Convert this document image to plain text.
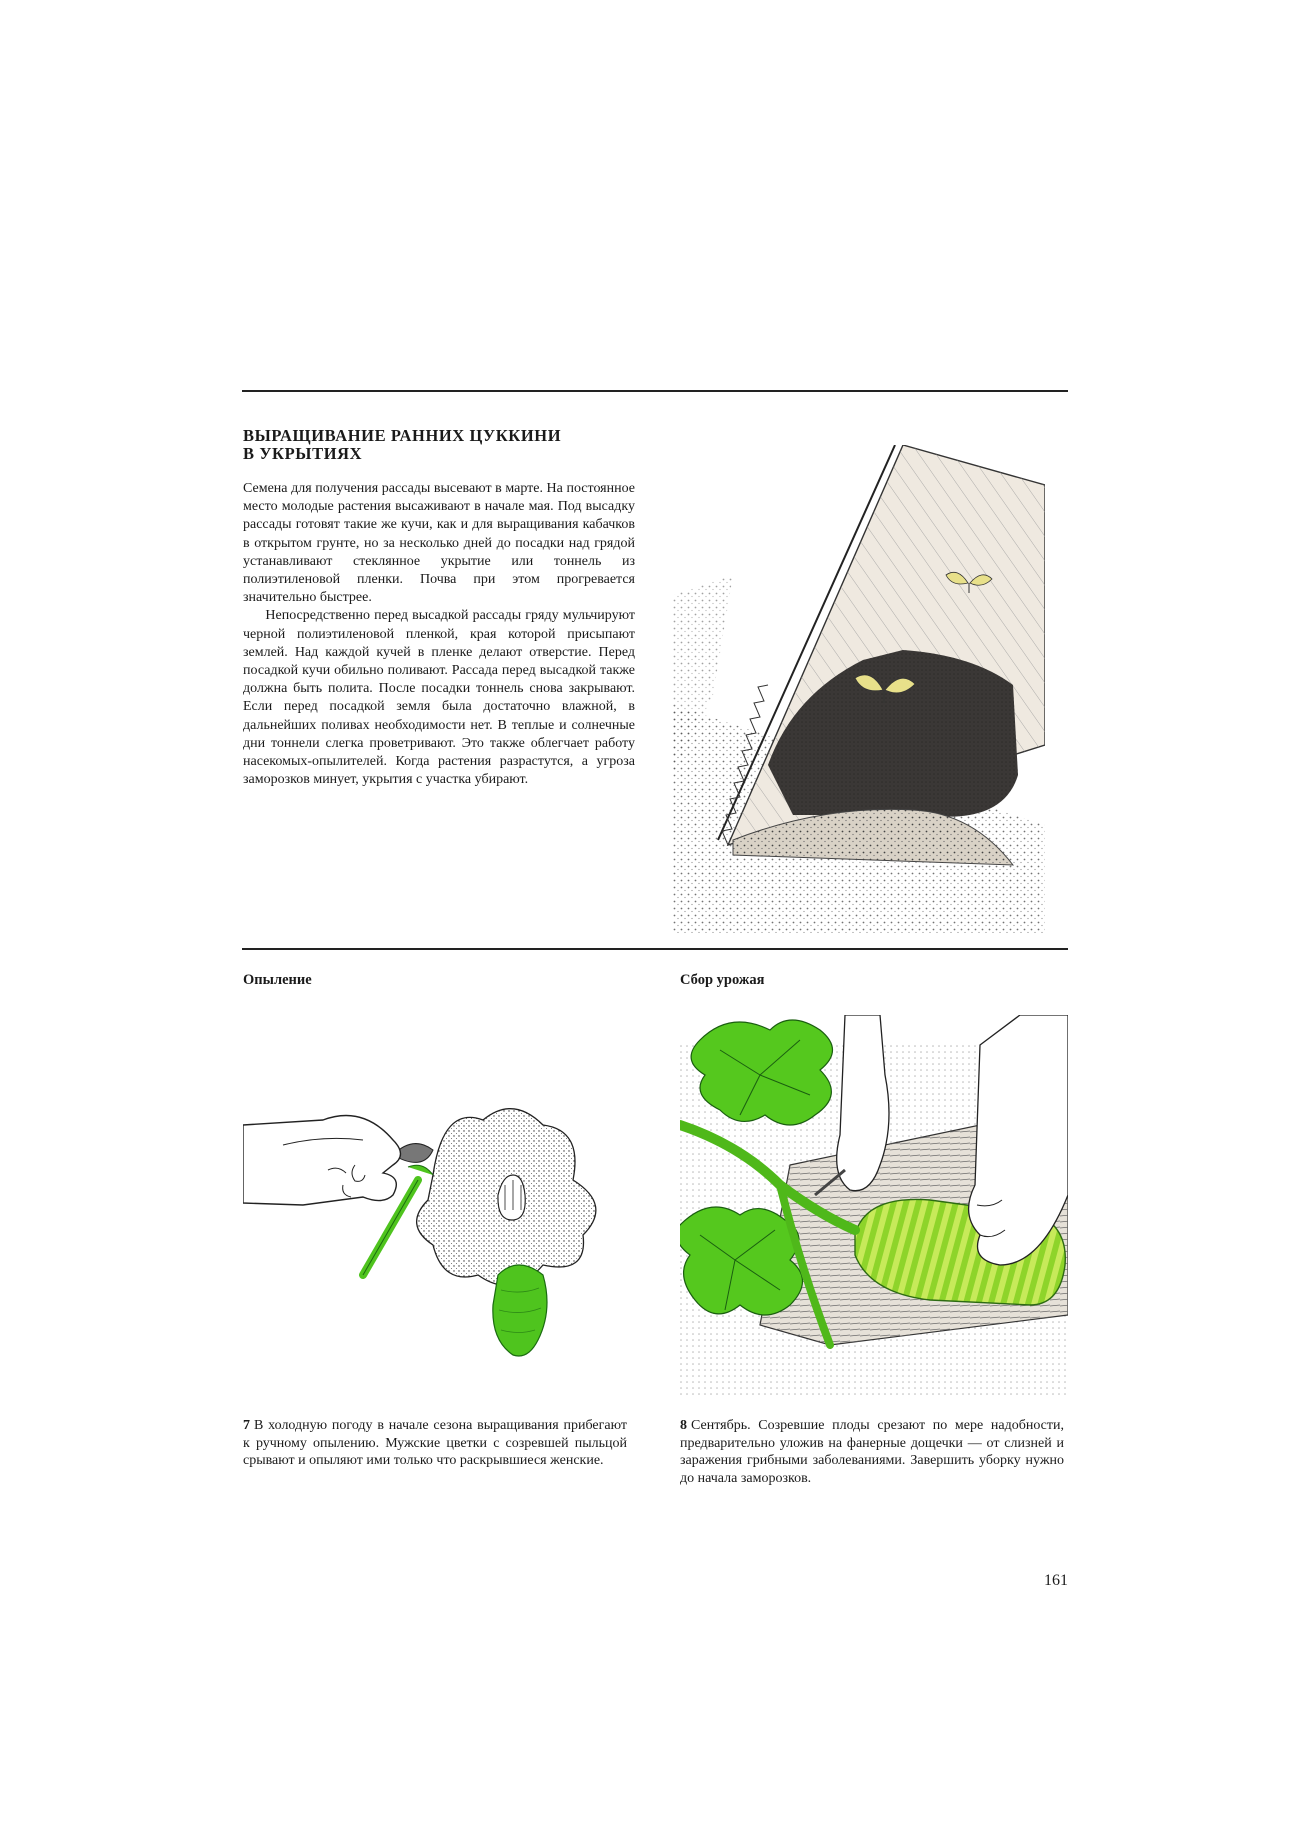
ВЫРАЩИВАНИЕ РАННИХ ЦУККИНИ
В УКРЫТИЯХ

Семена для получения рассады высевают в марте. На постоянное место молодые растения высаживают в начале мая. Под высадку рассады готовят такие же кучи, как и для выращивания кабачков в открытом грунте, но за несколько дней до посадки над грядой устанавливают стеклянное укрытие или тоннель из полиэтиленовой пленки. Почва при этом прогревается значительно быстрее.

Непосредственно перед высадкой рассады гряду мульчируют черной полиэтиленовой пленкой, края которой присыпают землей. Над каждой кучей в пленке делают отверстие. Перед посадкой кучи обильно поливают. Рассада перед высадкой также должна быть полита. После посадки тоннель снова закрывают. Если перед посадкой земля была достаточно влажной, в дальнейших поливах необходимости нет. В теплые и солнечные дни тоннели слегка проветривают. Это также облегчает работу насекомых-опылителей. Когда растения разрастутся, а угроза заморозков минует, укрытия с участка убирают.

Опыление	Сбор урожая
7 В холодную погоду в начале сезона выращивания прибегают к ручному опылению. Мужские цветки с созревшей пыльцой срывают и опыляют ими только что раскрывшиеся женские.
8 Сентябрь. Созревшие плоды срезают по мере надобности, предварительно уложив на фанерные дощечки — от слизней и заражения грибными заболеваниями. Завершить уборку нужно до начала заморозков.
161
